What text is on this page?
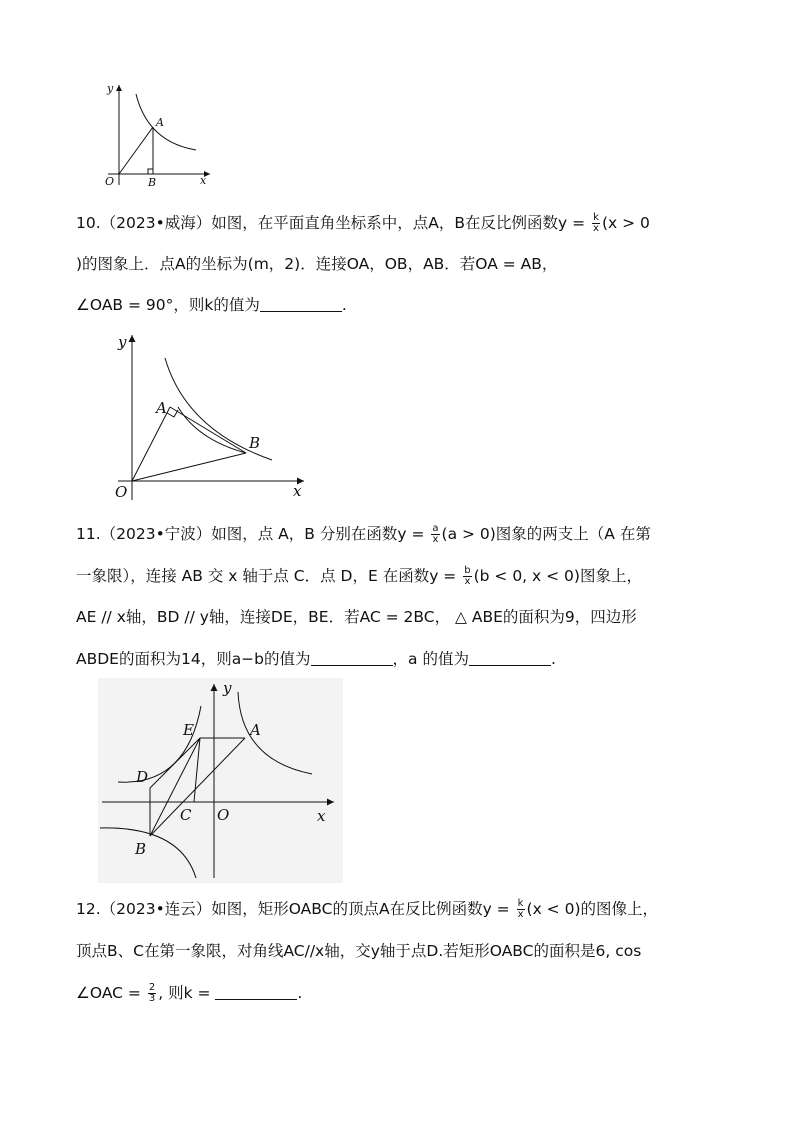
y
A
O	B	x
10.（2023•威海）如图，在平面直角坐标系中，点A，B在反比例函数$y = \frac{k}{x} (x > 0$
)的图象上．点A的坐标为(m，2)．连接OA，OB，AB．若OA = AB，
∠OAB = 90°，则k的值为	.
y
A
B
O	x
11.（2023•宁波）如图，点 A，B 分别在函数$y = \frac{a}{x} (a > 0)$图象的两支上（A 在第
一象限），连接 AB 交 x 轴于点 C．点 D，E 在函数$y = \frac{b}{x} (b < 0$, x < 0)图象上，
AE // x轴，BD // y轴，连接DE，BE．若AC = 2BC， △ ABE的面积为9，四边形
ABDE的面积为14，则a−b的值为	，a 的值为	.
y
E	A
D
C O	x
B
12.（2023•连云）如图，矩形OABC的顶点A在反比例函数$y = \frac{k}{x} (x < 0)$的图像上，
顶点B、C在第一象限，对角线AC//x轴，交y轴于点D.若矩形OABC的面积是6, cos
∠OAC = $\frac{2}{3}$ , 则k =	.
